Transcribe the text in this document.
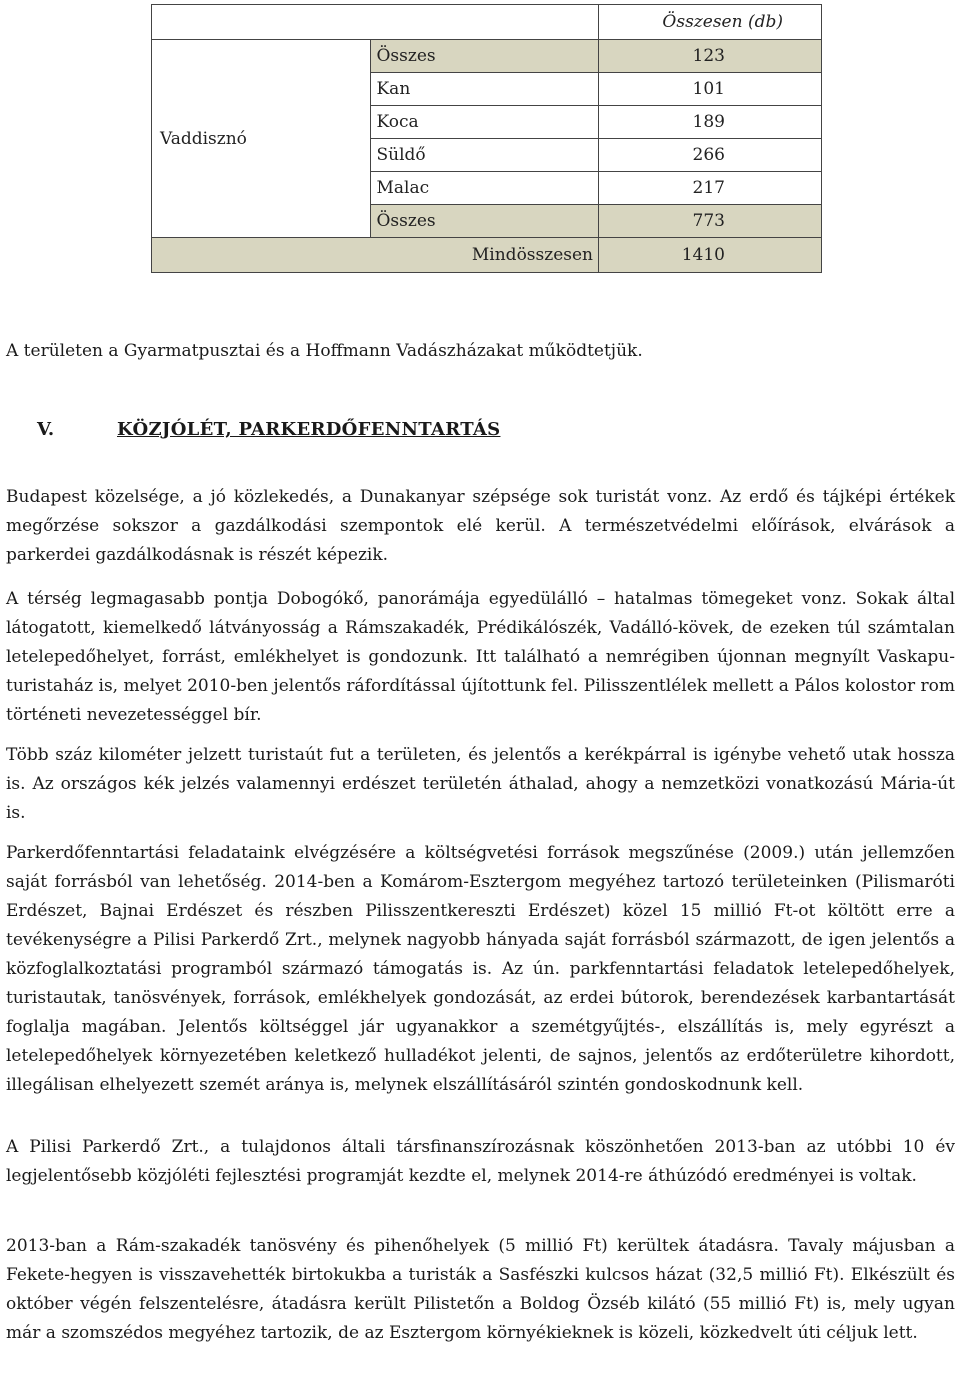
		Összesen (db)
Vaddisznó	Összes	123
	Kan	101
	Koca	189
	Süldő	266
	Malac	217
	Összes	773
Mindösszesen		1410

A területen a Gyarmatpusztai és a Hoffmann Vadászházakat működtetjük.

V.	KÖZJÓLÉT, PARKERDŐFENNTARTÁS

Budapest közelsége, a jó közlekedés, a Dunakanyar szépsége sok turistát vonz. Az erdő és tájképi értékek megőrzése sokszor a gazdálkodási szempontok elé kerül. A természetvédelmi előírások, elvárások a parkerdei gazdálkodásnak is részét képezik.

A térség legmagasabb pontja Dobogókő, panorámája egyedülálló – hatalmas tömegeket vonz. Sokak által látogatott, kiemelkedő látványosság a Rámszakadék, Prédikálószék, Vadálló-kövek, de ezeken túl számtalan letelepedőhelyet, forrást, emlékhelyet is gondozunk. Itt található a nemrégiben újonnan megnyílt Vaskapu-turistaház is, melyet 2010-ben jelentős ráfordítással újítottunk fel. Pilisszentlélek mellett a Pálos kolostor rom történeti nevezetességgel bír.

Több száz kilométer jelzett turistaút fut a területen, és jelentős a kerékpárral is igénybe vehető utak hossza is. Az országos kék jelzés valamennyi erdészet területén áthalad, ahogy a nemzetközi vonatkozású Mária-út is.

Parkerdőfenntartási feladataink elvégzésére a költségvetési források megszűnése (2009.) után jellemzően saját forrásból van lehetőség. 2014-ben a Komárom-Esztergom megyéhez tartozó területeinken (Pilismaróti Erdészet, Bajnai Erdészet és részben Pilisszentkereszti Erdészet) közel 15 millió Ft-ot költött erre a tevékenységre a Pilisi Parkerdő Zrt., melynek nagyobb hányada saját forrásból származott, de igen jelentős a közfoglalkoztatási programból származó támogatás is. Az ún. parkfenntartási feladatok letelepedőhelyek, turistautak, tanösvények, források, emlékhelyek gondozását, az erdei bútorok, berendezések karbantartását foglalja magában. Jelentős költséggel jár ugyanakkor a szemétgyűjtés-, elszállítás is, mely egyrészt a letelepedőhelyek környezetében keletkező hulladékot jelenti, de sajnos, jelentős az erdőterületre kihordott, illegálisan elhelyezett szemét aránya is, melynek elszállításáról szintén gondoskodnunk kell.

A Pilisi Parkerdő Zrt., a tulajdonos általi társfinanszírozásnak köszönhetően 2013-ban az utóbbi 10 év legjelentősebb közjóléti fejlesztési programját kezdte el, melynek 2014-re áthúzódó eredményei is voltak.

2013-ban a Rám-szakadék tanösvény és pihenőhelyek (5 millió Ft) kerültek átadásra. Tavaly májusban a Fekete-hegyen is visszavehették birtokukba a turisták a Sasfészki kulcsos házat (32,5 millió Ft). Elkészült és október végén felszentelésre, átadásra került Pilistetőn a Boldog Özséb kilátó (55 millió Ft) is, mely ugyan már a szomszédos megyéhez tartozik, de az Esztergom környékieknek is közeli, közkedvelt úti céljuk lett.
